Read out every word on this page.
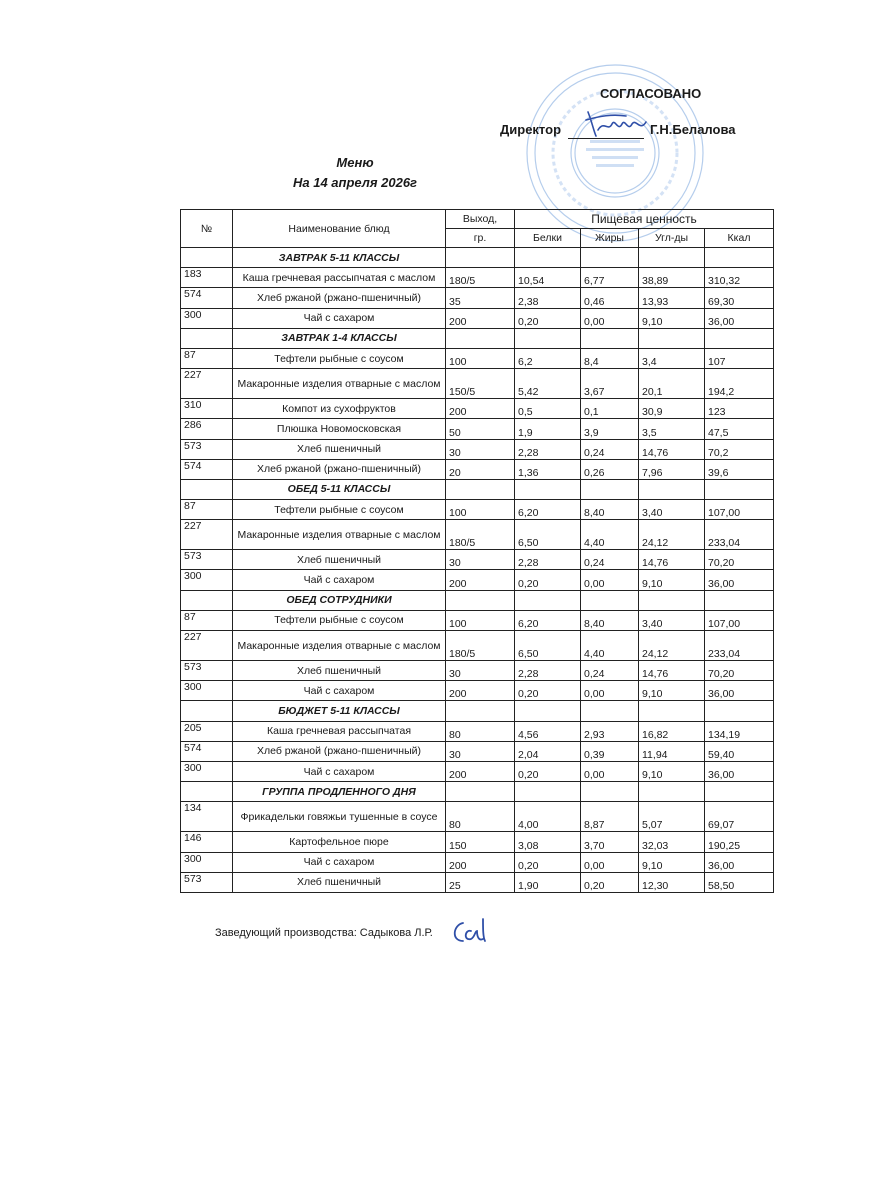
СОГЛАСОВАНО
Директор	Г.Н.Белалова
Меню
На 14 апреля 2026г
№	Наименование блюд	Выход,	Пищевая ценность			
		гр.	Белки	Жиры	Угл-ды	Ккал
	ЗАВТРАК 5-11 КЛАССЫ					
183	Каша гречневая рассыпчатая с маслом	180/5	10,54	6,77	38,89	310,32
574	Хлеб ржаной (ржано-пшеничный)	35	2,38	0,46	13,93	69,30
300	Чай с сахаром	200	0,20	0,00	9,10	36,00
	ЗАВТРАК 1-4 КЛАССЫ					
87	Тефтели рыбные с соусом	100	6,2	8,4	3,4	107
227	Макаронные изделия отварные с маслом	150/5	5,42	3,67	20,1	194,2
310	Компот из сухофруктов	200	0,5	0,1	30,9	123
286	Плюшка Новомосковская	50	1,9	3,9	3,5	47,5
573	Хлеб пшеничный	30	2,28	0,24	14,76	70,2
574	Хлеб ржаной (ржано-пшеничный)	20	1,36	0,26	7,96	39,6
	ОБЕД 5-11 КЛАССЫ					
87	Тефтели рыбные с соусом	100	6,20	8,40	3,40	107,00
227	Макаронные изделия отварные с маслом	180/5	6,50	4,40	24,12	233,04
573	Хлеб пшеничный	30	2,28	0,24	14,76	70,20
300	Чай с сахаром	200	0,20	0,00	9,10	36,00
	ОБЕД СОТРУДНИКИ					
87	Тефтели рыбные с соусом	100	6,20	8,40	3,40	107,00
227	Макаронные изделия отварные с маслом	180/5	6,50	4,40	24,12	233,04
573	Хлеб пшеничный	30	2,28	0,24	14,76	70,20
300	Чай с сахаром	200	0,20	0,00	9,10	36,00
	БЮДЖЕТ 5-11 КЛАССЫ					
205	Каша гречневая рассыпчатая	80	4,56	2,93	16,82	134,19
574	Хлеб ржаной (ржано-пшеничный)	30	2,04	0,39	11,94	59,40
300	Чай с сахаром	200	0,20	0,00	9,10	36,00
	ГРУППА ПРОДЛЕННОГО ДНЯ					
134	Фрикадельки говяжьи тушенные в соусе	80	4,00	8,87	5,07	69,07
146	Картофельное пюре	150	3,08	3,70	32,03	190,25
300	Чай с сахаром	200	0,20	0,00	9,10	36,00
573	Хлеб пшеничный	25	1,90	0,20	12,30	58,50
Заведующий производства: Садыкова Л.Р.
